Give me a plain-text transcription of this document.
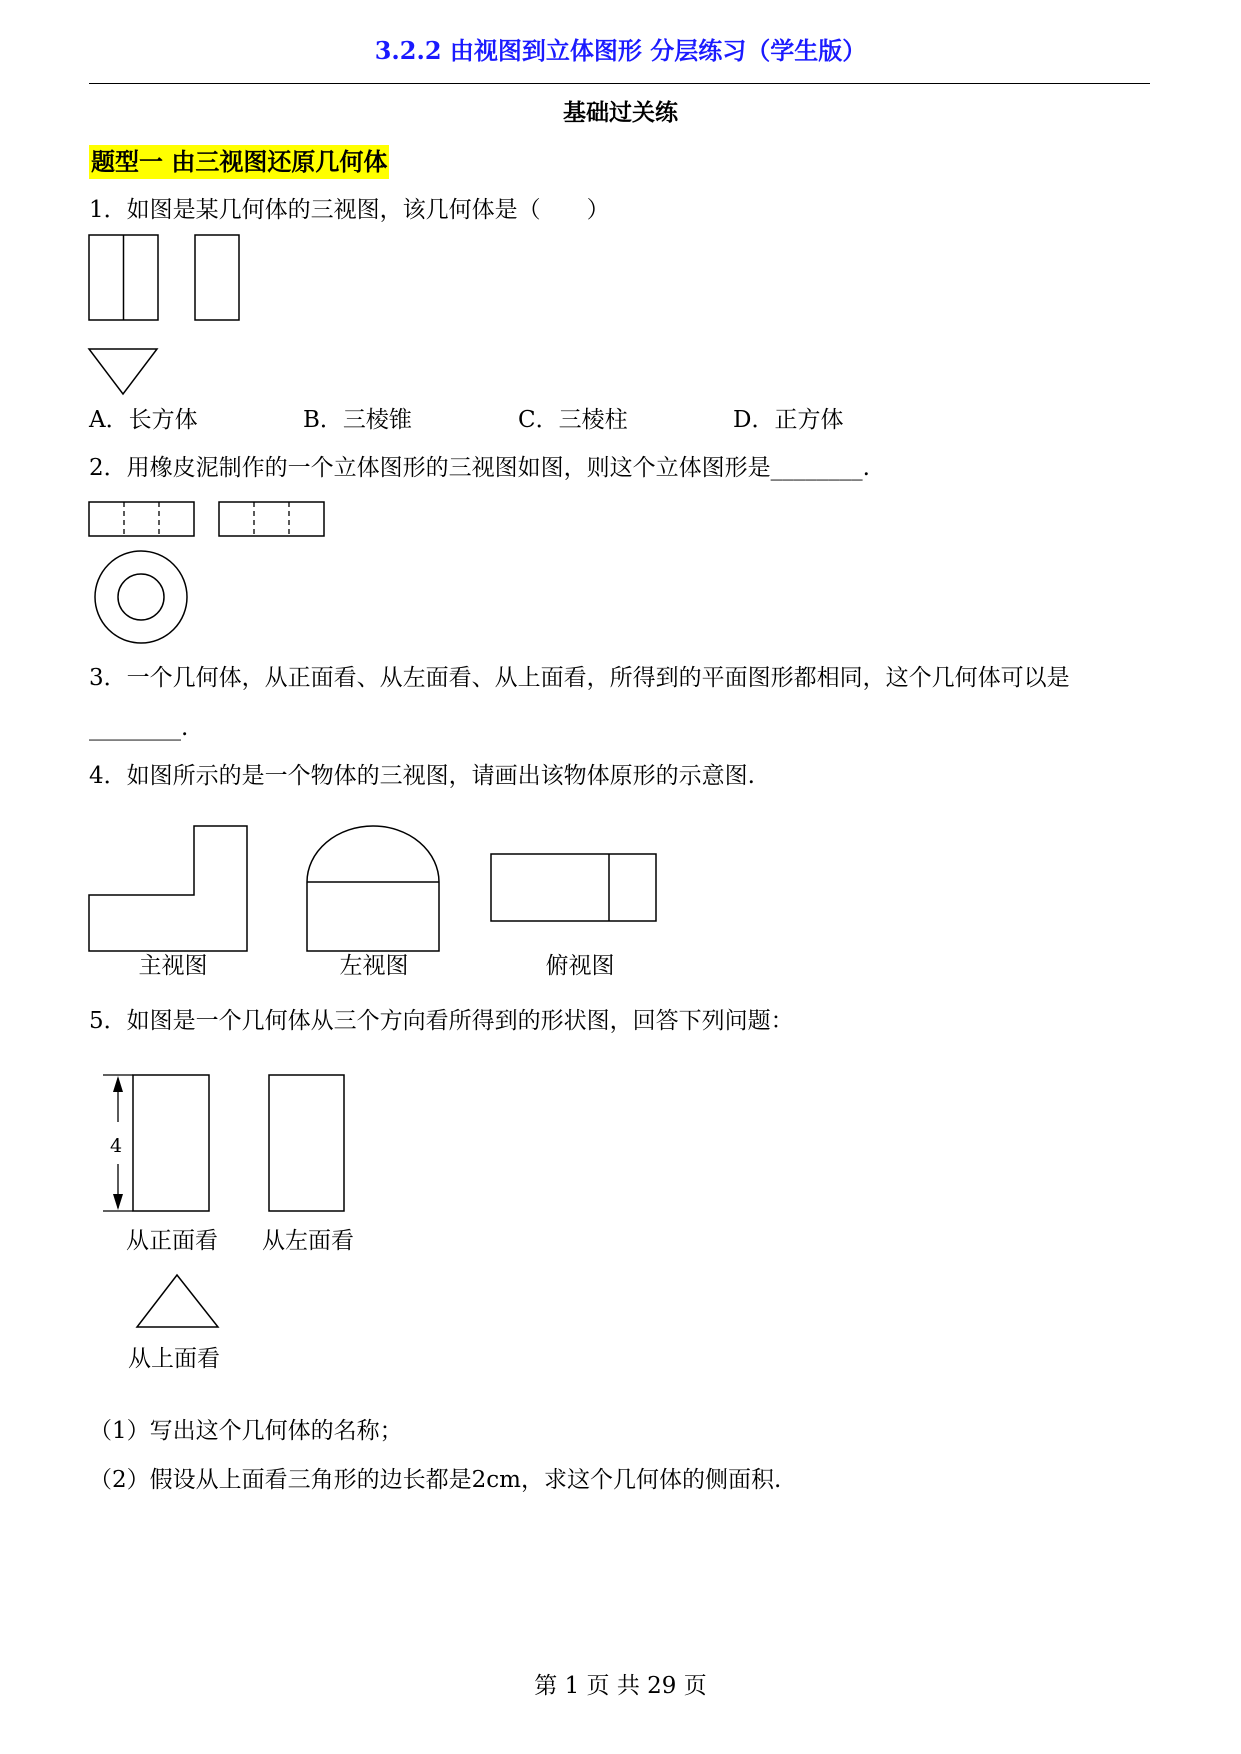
3.2.2 由视图到立体图形 分层练习（学生版）
基础过关练
题型一 由三视图还原几何体
1．如图是某几何体的三视图，该几何体是（　　）
A．长方体	B．三棱锥	C．三棱柱	D．正方体
2．用橡皮泥制作的一个立体图形的三视图如图，则这个立体图形是________.
3．一个几何体，从正面看、从左面看、从上面看，所得到的平面图形都相同，这个几何体可以是
________.
4．如图所示的是一个物体的三视图，请画出该物体原形的示意图.
主视图	左视图	俯视图
5．如图是一个几何体从三个方向看所得到的形状图，回答下列问题：
4
从正面看	从左面看
从上面看
（1）写出这个几何体的名称；
（2）假设从上面看三角形的边长都是2cm，求这个几何体的侧面积.
第 1 页 共 29 页
